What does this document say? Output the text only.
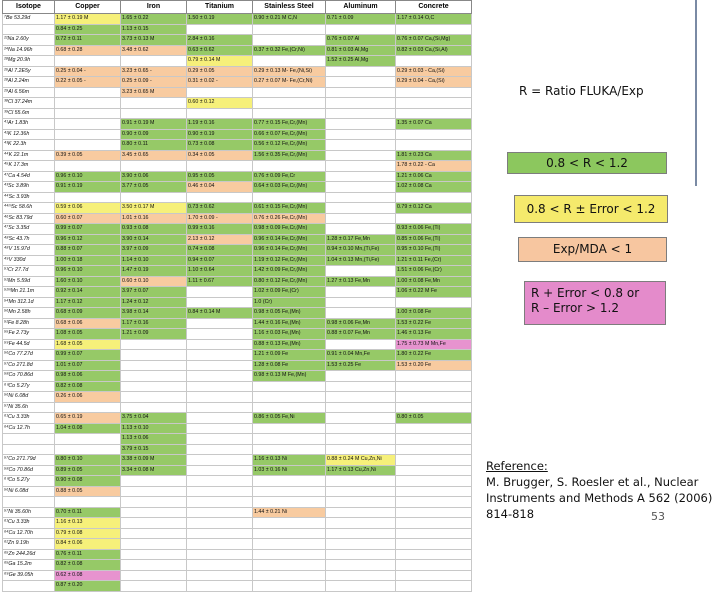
Isotope	Copper	Iron	Titanium	Stainless Steel	Aluminum	Concrete
⁷Be 53.29d	1.17 ± 0.19 M	1.65 ± 0.22	1.50 ± 0.19	0.90 ± 0.21 M C,N	0.71 ± 0.09	1.17 ± 0.14 O,C
	0.84 ± 0.25	1.13 ± 0.15				
²²Na 2.60y	0.72 ± 0.11	3.73 ± 0.13 M	2.84 ± 0.16		0.76 ± 0.07 Al	0.76 ± 0.07 Ca,(Si,Mg)
²⁴Na 14.96h	0.68 ± 0.28	3.48 ± 0.62	0.63 ± 0.62	0.37 ± 0.32 Fe,(Cr,Ni)	0.81 ± 0.03 Al,Mg	0.82 ± 0.03 Ca,(Si,Al)
²⁸Mg 20.9h			0.79 ± 0.14 M		1.52 ± 0.25 Al,Mg	
²⁶Al 7.2E5y	0.25 ± 0.04 -	3.23 ± 0.65 -	0.29 ± 0.05	0.29 ± 0.13 M- Fe,(Ni,Si)		0.29 ± 0.03 - Ca,(Si)
²⁸Al 2.24m	0.22 ± 0.05 -	0.25 ± 0.09 -	0.31 ± 0.02 -	0.27 ± 0.07 M- Fe,(Cr,Ni)		0.29 ± 0.04 - Ca,(Si)
²⁹Al 6.56m		3.23 ± 0.65 M				
³⁸Cl 37.24m			0.60 ± 0.12			
³⁹Cl 55.6m						
⁴¹Ar 1.83h		0.91 ± 0.19 M	1.19 ± 0.16	0.77 ± 0.15 Fe,Cr,(Mn)		1.35 ± 0.07 Ca
⁴²K 12.36h		0.90 ± 0.09	0.90 ± 0.19	0.66 ± 0.07 Fe,Cr,(Mn)		
⁴³K 22.3h		0.80 ± 0.11	0.73 ± 0.08	0.56 ± 0.12 Fe,Cr,(Mn)		
⁴⁴K 22.1m	0.39 ± 0.05	3.45 ± 0.65	0.34 ± 0.05	1.56 ± 0.35 Fe,Cr,(Mn)		1.81 ± 0.23 Ca
⁴⁵K 17.3m						1.78 ± 0.22 - Ca
⁴⁷Ca 4.54d	0.96 ± 0.10	3.90 ± 0.06	0.95 ± 0.05	0.76 ± 0.09 Fe,Cr		1.21 ± 0.06 Ca
⁴³Sc 3.89h	0.91 ± 0.19	3.77 ± 0.05	0.46 ± 0.04	0.64 ± 0.03 Fe,Cr,(Mn)		1.02 ± 0.08 Ca
⁴⁴Sc 3.93h						
⁴⁴ᵐSc 58.6h	0.59 ± 0.06	3.50 ± 0.17 M	0.73 ± 0.62	0.61 ± 0.15 Fe,Cr,(Mn)		0.79 ± 0.12 Ca
⁴⁶Sc 83.79d	0.60 ± 0.07	1.01 ± 0.16	1.70 ± 0.09 -	0.76 ± 0.26 Fe,Cr,(Mn)		
⁴⁷Sc 3.35d	0.99 ± 0.07	0.93 ± 0.08	0.99 ± 0.16	0.98 ± 0.09 Fe,Cr,(Mn)		0.93 ± 0.06 Fe,(Ti)
⁴⁸Sc 43.7h	0.96 ± 0.12	3.90 ± 0.14	2.13 ± 0.12	0.96 ± 0.14 Fe,Cr,(Mn)	1.28 ± 0.17 Fe,Mn	0.85 ± 0.06 Fe,(Ti)
⁴⁸V 15.97d	0.88 ± 0.07	3.97 ± 0.09	0.74 ± 0.08	0.96 ± 0.14 Fe,Cr,(Mn)	0.94 ± 0.10 Mn,(Ti,Fe)	0.95 ± 0.10 Fe,(Ti)
⁴⁹V 330d	1.00 ± 0.18	1.14 ± 0.10	0.94 ± 0.07	1.19 ± 0.12 Fe,Cr,(Mn)	1.04 ± 0.13 Mn,(Ti,Fe)	1.21 ± 0.11 Fe,(Cr)
⁵¹Cr 27.7d	0.96 ± 0.10	1.47 ± 0.19	1.10 ± 0.64	1.42 ± 0.09 Fe,Cr,(Mn)		1.51 ± 0.06 Fe,(Cr)
⁵²Mn 5.59d	1.60 ± 0.10	0.60 ± 0.10	1.11 ± 0.67	0.80 ± 0.12 Fe,Cr,(Mn)	1.27 ± 0.13 Fe,Mn	1.00 ± 0.08 Fe,Mn
⁵²ᵐMn 21.1m	0.92 ± 0.14	3.97 ± 0.07		1.02 ± 0.09 Fe,(Cr)		1.06 ± 0.22 M Fe
⁵⁴Mn 312.1d	1.17 ± 0.12	1.24 ± 0.12		1.0 (Cr)		
⁵⁶Mn 2.58h	0.68 ± 0.09	3.98 ± 0.14	0.84 ± 0.14 M	0.98 ± 0.05 Fe,(Mn)		1.00 ± 0.08 Fe
⁵²Fe 8.28h	0.68 ± 0.06	1.17 ± 0.16		1.44 ± 0.16 Fe,(Mn)	0.98 ± 0.06 Fe,Mn	1.53 ± 0.22 Fe
⁵⁵Fe 2.73y	1.08 ± 0.05	1.21 ± 0.09		1.16 ± 0.03 Fe,(Mn)	0.88 ± 0.07 Fe,Mn	1.46 ± 0.13 Fe
⁵⁹Fe 44.5d	1.68 ± 0.05			0.88 ± 0.13 Fe,(Mn)		1.75 ± 0.73 M Mn,Fe
⁵⁶Co 77.27d	0.99 ± 0.07			1.21 ± 0.09 Fe	0.91 ± 0.04 Mn,Fe	1.80 ± 0.22 Fe
⁵⁷Co 271.8d	1.01 ± 0.07			1.28 ± 0.08 Fe	1.53 ± 0.25 Fe	1.53 ± 0.20 Fe
⁵⁸Co 70.86d	0.98 ± 0.06			0.98 ± 0.13 M Fe,(Mn)		
⁶⁰Co 5.27y	0.82 ± 0.08					
⁵⁶Ni 6.08d	0.26 ± 0.06					
⁵⁷Ni 35.6h						
⁶¹Cu 3.33h	0.65 ± 0.19	3.75 ± 0.04		0.86 ± 0.05 Fe,Ni		0.80 ± 0.05
⁶⁴Cu 12.7h	1.04 ± 0.08	1.13 ± 0.10				
		1.13 ± 0.06				
		3.79 ± 0.15				
⁵⁷Co 271.79d	0.80 ± 0.10	3.38 ± 0.09 M		1.16 ± 0.13 Ni	0.88 ± 0.24 M Cu,Zn,Ni	
⁵⁸Co 70.86d	0.89 ± 0.05	3.34 ± 0.08 M		1.03 ± 0.16 Ni	1.17 ± 0.13 Cu,Zn,Ni	
⁶⁰Co 5.27y	0.90 ± 0.08					
⁵⁶Ni 6.08d	0.88 ± 0.05					

⁵⁷Ni 35.60h	0.70 ± 0.11			1.44 ± 0.21 Ni		
⁶¹Cu 3.33h	1.16 ± 0.13					
⁶⁴Cu 12.70h	0.79 ± 0.08					
⁶²Zn 9.19h	0.84 ± 0.06					
⁶⁵Zn 244.26d	0.76 ± 0.11					
⁶⁵Ga 15.2m	0.82 ± 0.08					
⁶⁹Ge 39.05h	0.62 ± 0.08					
	0.87 ± 0.20					
R = Ratio FLUKA/Exp
0.8 < R < 1.2
0.8 < R ± Error < 1.2
Exp/MDA < 1
R + Error < 0.8 or
R – Error > 1.2
Reference:
M. Brugger, S. Roesler et al., Nuclear Instruments and Methods A 562 (2006) 814-818	53
